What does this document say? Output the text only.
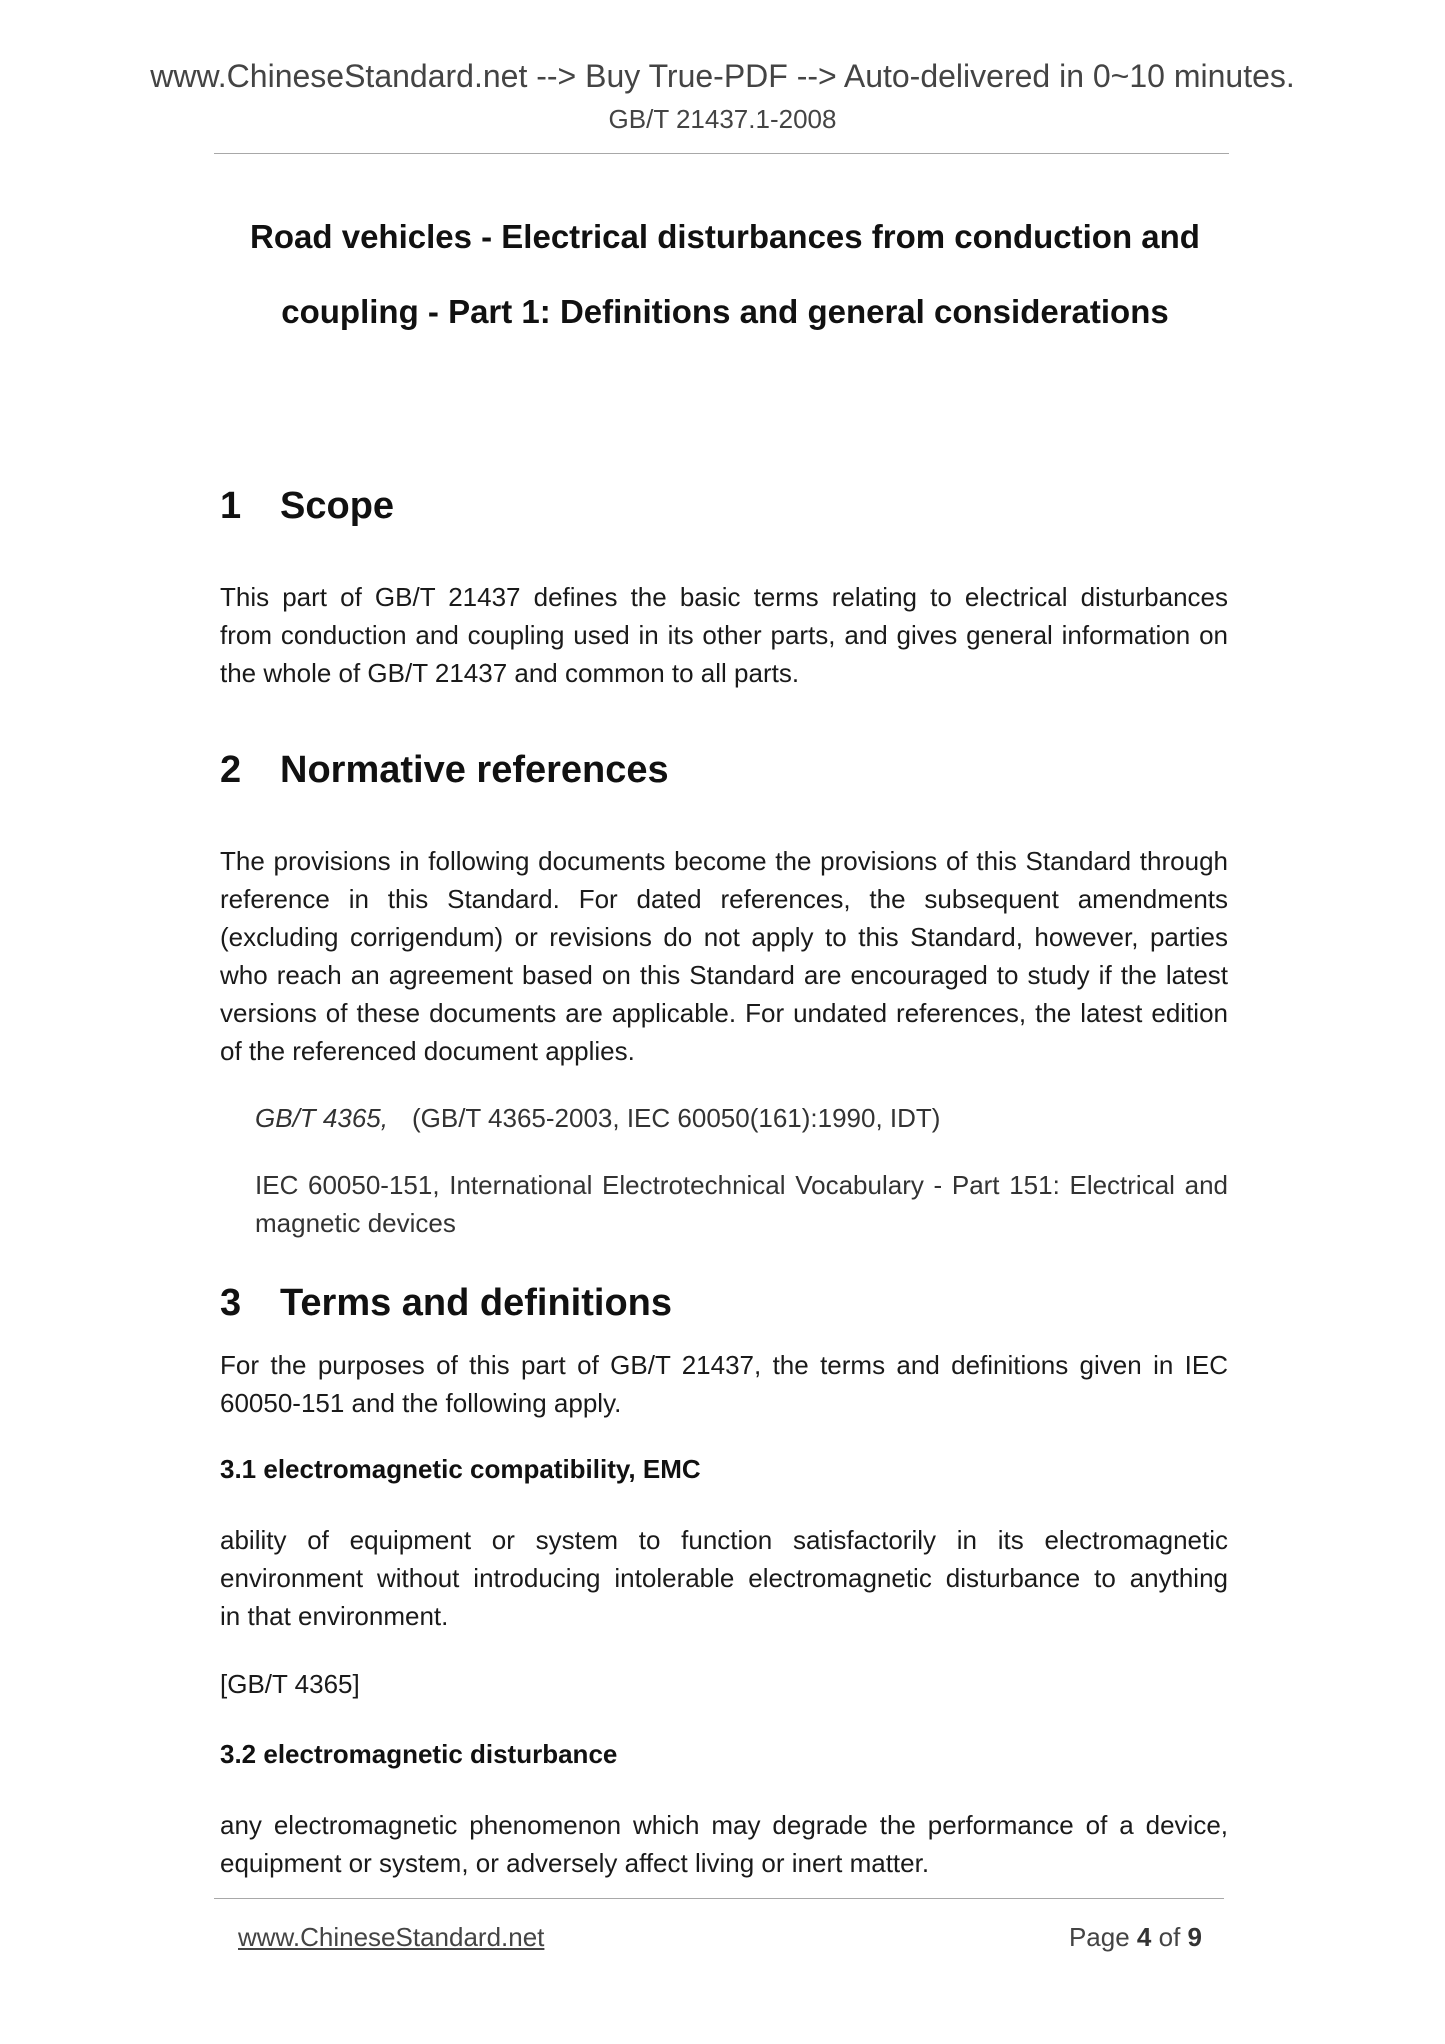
www.ChineseStandard.net --> Buy True-PDF --> Auto-delivered in 0~10 minutes.
GB/T 21437.1-2008
Road vehicles - Electrical disturbances from conduction and
coupling - Part 1: Definitions and general considerations
1 Scope
This part of GB/T 21437 defines the basic terms relating to electrical disturbances
from conduction and coupling used in its other parts, and gives general information on
the whole of GB/T 21437 and common to all parts.
2 Normative references
The provisions in following documents become the provisions of this Standard through
reference in this Standard. For dated references, the subsequent amendments
(excluding corrigendum) or revisions do not apply to this Standard, however, parties
who reach an agreement based on this Standard are encouraged to study if the latest
versions of these documents are applicable. For undated references, the latest edition
of the referenced document applies.
GB/T 4365, (GB/T 4365-2003, IEC 60050(161):1990, IDT)
IEC 60050-151, International Electrotechnical Vocabulary - Part 151: Electrical and
magnetic devices
3 Terms and definitions
For the purposes of this part of GB/T 21437, the terms and definitions given in IEC
60050-151 and the following apply.
3.1 electromagnetic compatibility, EMC
ability of equipment or system to function satisfactorily in its electromagnetic
environment without introducing intolerable electromagnetic disturbance to anything
in that environment.
[GB/T 4365]
3.2 electromagnetic disturbance
any electromagnetic phenomenon which may degrade the performance of a device,
equipment or system, or adversely affect living or inert matter.
www.ChineseStandard.net	Page 4 of 9
